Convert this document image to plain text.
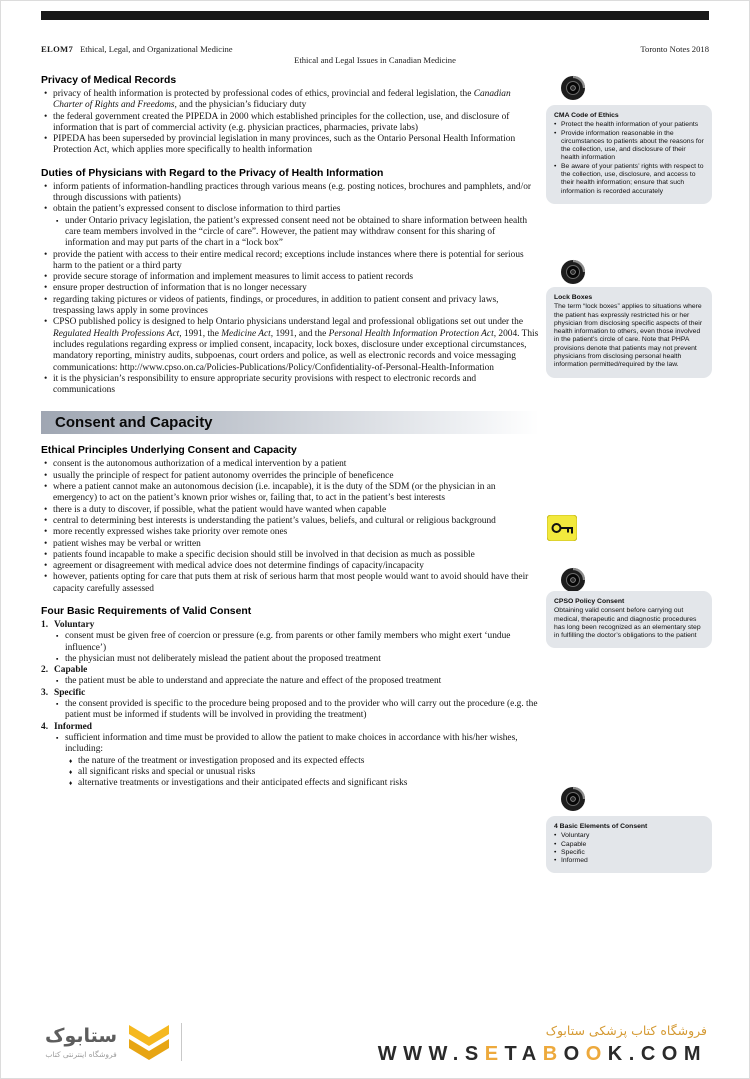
ELOM7 Ethical, Legal, and Organizational Medicine
Ethical and Legal Issues in Canadian Medicine
Toronto Notes 2018
Privacy of Medical Records
• privacy of health information is protected by professional codes of ethics, provincial and federal legislation, the Canadian Charter of Rights and Freedoms, and the physician’s fiduciary duty
• the federal government created the PIPEDA in 2000 which established principles for the collection, use, and disclosure of information that is part of commercial activity (e.g. physician practices, pharmacies, private labs)
• PIPEDA has been superseded by provincial legislation in many provinces, such as the Ontario Personal Health Information Protection Act, which applies more specifically to health information
Duties of Physicians with Regard to the Privacy of Health Information
• inform patients of information-handling practices through various means (e.g. posting notices, brochures and pamphlets, and/or through discussions with patients)
• obtain the patient’s expressed consent to disclose information to third parties
▪ under Ontario privacy legislation, the patient’s expressed consent need not be obtained to share information between health care team members involved in the “circle of care”. However, the patient may withdraw consent for this sharing of information and may put parts of the chart in a “lock box”
• provide the patient with access to their entire medical record; exceptions include instances where there is potential for serious harm to the patient or a third party
• provide secure storage of information and implement measures to limit access to patient records
• ensure proper destruction of information that is no longer necessary
• regarding taking pictures or videos of patients, findings, or procedures, in addition to patient consent and privacy laws, trespassing laws apply in some provinces
• CPSO published policy is designed to help Ontario physicians understand legal and professional obligations set out under the Regulated Health Professions Act, 1991, the Medicine Act, 1991, and the Personal Health Information Protection Act, 2004. This includes regulations regarding express or implied consent, incapacity, lock boxes, disclosure under exceptional circumstances, mandatory reporting, ministry audits, subpoenas, court orders and police, as well as electronic records and voice messaging communications: http://www.cpso.on.ca/Policies-Publications/Policy/Confidentiality-of-Personal-Health-Information
• it is the physician’s responsibility to ensure appropriate security provisions with respect to electronic records and communications
Consent and Capacity
Ethical Principles Underlying Consent and Capacity
• consent is the autonomous authorization of a medical intervention by a patient
• usually the principle of respect for patient autonomy overrides the principle of beneficence
• where a patient cannot make an autonomous decision (i.e. incapable), it is the duty of the SDM (or the physician in an emergency) to act on the patient’s known prior wishes or, failing that, to act in the patient’s best interests
• there is a duty to discover, if possible, what the patient would have wanted when capable
• central to determining best interests is understanding the patient’s values, beliefs, and cultural or religious background
• more recently expressed wishes take priority over remote ones
• patient wishes may be verbal or written
• patients found incapable to make a specific decision should still be involved in that decision as much as possible
• agreement or disagreement with medical advice does not determine findings of capacity/incapacity
• however, patients opting for care that puts them at risk of serious harm that most people would want to avoid should have their capacity carefully assessed
Four Basic Requirements of Valid Consent
1. Voluntary
▪ consent must be given free of coercion or pressure (e.g. from parents or other family members who might exert ‘undue influence’)
▪ the physician must not deliberately mislead the patient about the proposed treatment
2. Capable
▪ the patient must be able to understand and appreciate the nature and effect of the proposed treatment
3. Specific
▪ the consent provided is specific to the procedure being proposed and to the provider who will carry out the procedure (e.g. the patient must be informed if students will be involved in providing the treatment)
4. Informed
▪ sufficient information and time must be provided to allow the patient to make choices in accordance with his/her wishes, including:
♦ the nature of the treatment or investigation proposed and its expected effects
♦ all significant risks and special or unusual risks
♦ alternative treatments or investigations and their anticipated effects and significant risks
CMA Code of Ethics
• Protect the health information of your patients
• Provide information reasonable in the circumstances to patients about the reasons for the collection, use, and disclosure of their health information
• Be aware of your patients’ rights with respect to the collection, use, disclosure, and access to their health information; ensure that such information is recorded accurately
Lock Boxes
The term “lock boxes” applies to situations where the patient has expressly restricted his or her physician from disclosing specific aspects of their health information to others, even those involved in the patient’s circle of care. Note that PHPA provisions denote that patients may not prevent physicians from disclosing personal health information permitted/required by the law.
CPSO Policy Consent
Obtaining valid consent before carrying out medical, therapeutic and diagnostic procedures has long been recognized as an elementary step in fulfilling the doctor’s obligations to the patient
4 Basic Elements of Consent
• Voluntary
• Capable
• Specific
• Informed
ستابوک
فروشگاه اینترنتی کتاب
فروشگاه کتاب پزشکی ستابوک
WWW.SETABOOK.COM
